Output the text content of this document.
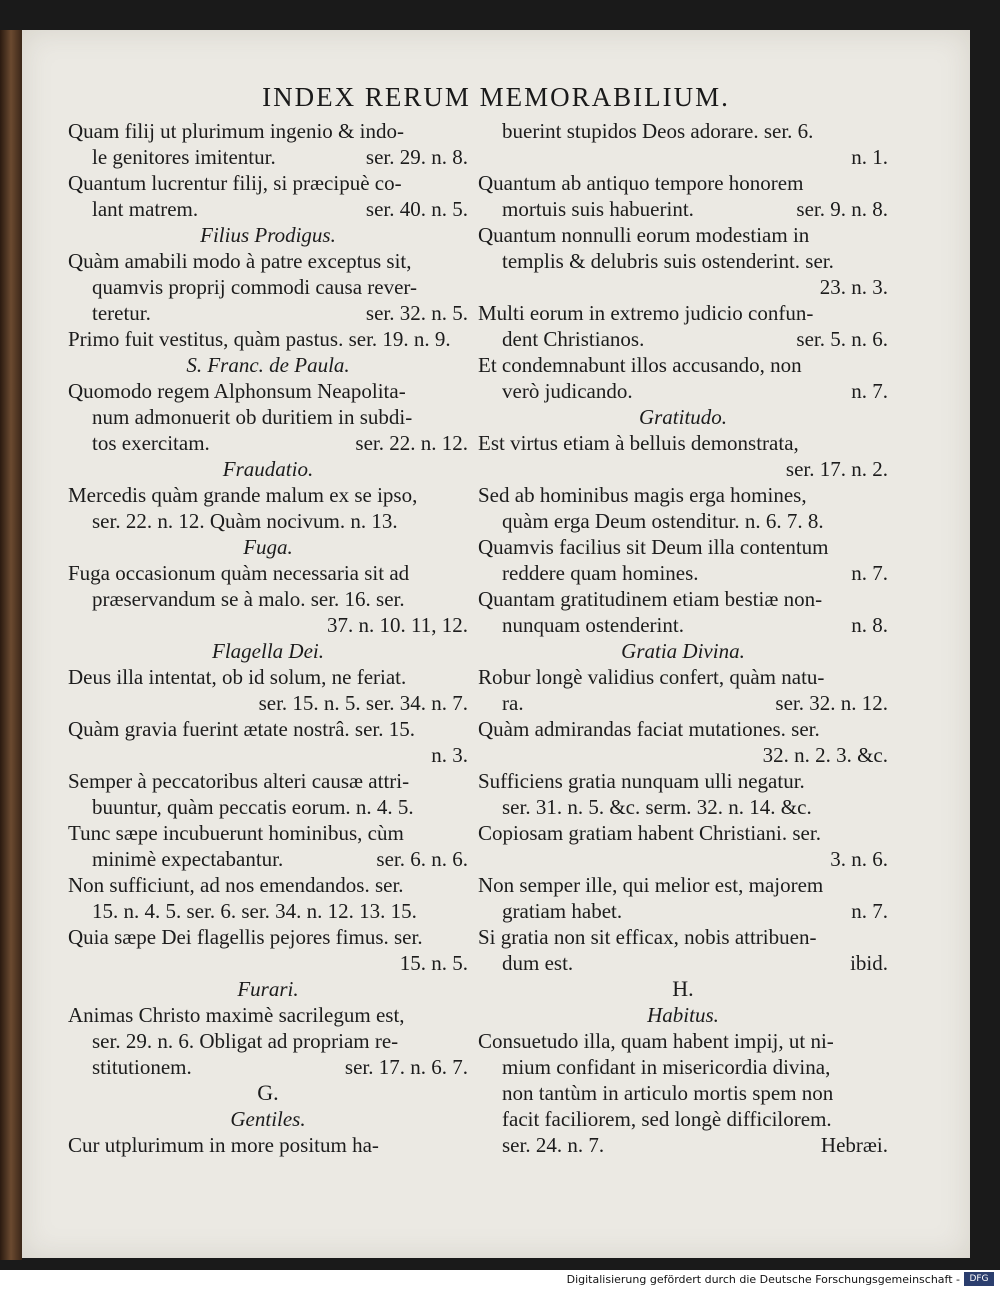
INDEX RERUM MEMORABILIUM.
Quam filij ut plurimum ingenio & indo-
le genitores imitentur.	ser. 29. n. 8.
Quantum lucrentur filij, si præcipuè co-
lant matrem.	ser. 40. n. 5.
Filius Prodigus.
Quàm amabili modo à patre exceptus sit,
quamvis proprij commodi causa rever-
teretur.	ser. 32. n. 5.
Primo fuit vestitus, quàm pastus. ser. 19. n. 9.
S. Franc. de Paula.
Quomodo regem Alphonsum Neapolita-
num admonuerit ob duritiem in subdi-
tos exercitam.	ser. 22. n. 12.
Fraudatio.
Mercedis quàm grande malum ex se ipso,
ser. 22. n. 12. Quàm nocivum. n. 13.
Fuga.
Fuga occasionum quàm necessaria sit ad
præservandum se à malo. ser. 16. ser.
37. n. 10. 11, 12.
Flagella Dei.
Deus illa intentat, ob id solum, ne feriat.
ser. 15. n. 5. ser. 34. n. 7.
Quàm gravia fuerint ætate nostrâ. ser. 15.
n. 3.
Semper à peccatoribus alteri causæ attri-
buuntur, quàm peccatis eorum. n. 4. 5.
Tunc sæpe incubuerunt hominibus, cùm
minimè expectabantur.	ser. 6. n. 6.
Non sufficiunt, ad nos emendandos. ser.
15. n. 4. 5. ser. 6. ser. 34. n. 12. 13. 15.
Quia sæpe Dei flagellis pejores fimus. ser.
15. n. 5.
Furari.
Animas Christo maximè sacrilegum est,
ser. 29. n. 6. Obligat ad propriam re-
stitutionem.	ser. 17. n. 6. 7.
G.
Gentiles.
Cur utplurimum in more positum ha-
buerint stupidos Deos adorare. ser. 6.
n. 1.
Quantum ab antiquo tempore honorem
mortuis suis habuerint.	ser. 9. n. 8.
Quantum nonnulli eorum modestiam in
templis & delubris suis ostenderint. ser.
23. n. 3.
Multi eorum in extremo judicio confun-
dent Christianos.	ser. 5. n. 6.
Et condemnabunt illos accusando, non
verò judicando.	n. 7.
Gratitudo.
Est virtus etiam à belluis demonstrata,
ser. 17. n. 2.
Sed ab hominibus magis erga homines,
quàm erga Deum ostenditur. n. 6. 7. 8.
Quamvis facilius sit Deum illa contentum
reddere quam homines.	n. 7.
Quantam gratitudinem etiam bestiæ non-
nunquam ostenderint.	n. 8.
Gratia Divina.
Robur longè validius confert, quàm natu-
ra.	ser. 32. n. 12.
Quàm admirandas faciat mutationes. ser.
32. n. 2. 3. &c.
Sufficiens gratia nunquam ulli negatur.
ser. 31. n. 5. &c. serm. 32. n. 14. &c.
Copiosam gratiam habent Christiani. ser.
3. n. 6.
Non semper ille, qui melior est, majorem
gratiam habet.	n. 7.
Si gratia non sit efficax, nobis attribuen-
dum est.	ibid.
H.
Habitus.
Consuetudo illa, quam habent impij, ut ni-
mium confidant in misericordia divina,
non tantùm in articulo mortis spem non
facit faciliorem, sed longè difficilorem.
ser. 24. n. 7.	Hebræi.
Digitalisierung gefördert durch die Deutsche Forschungsgemeinschaft -	DFG
